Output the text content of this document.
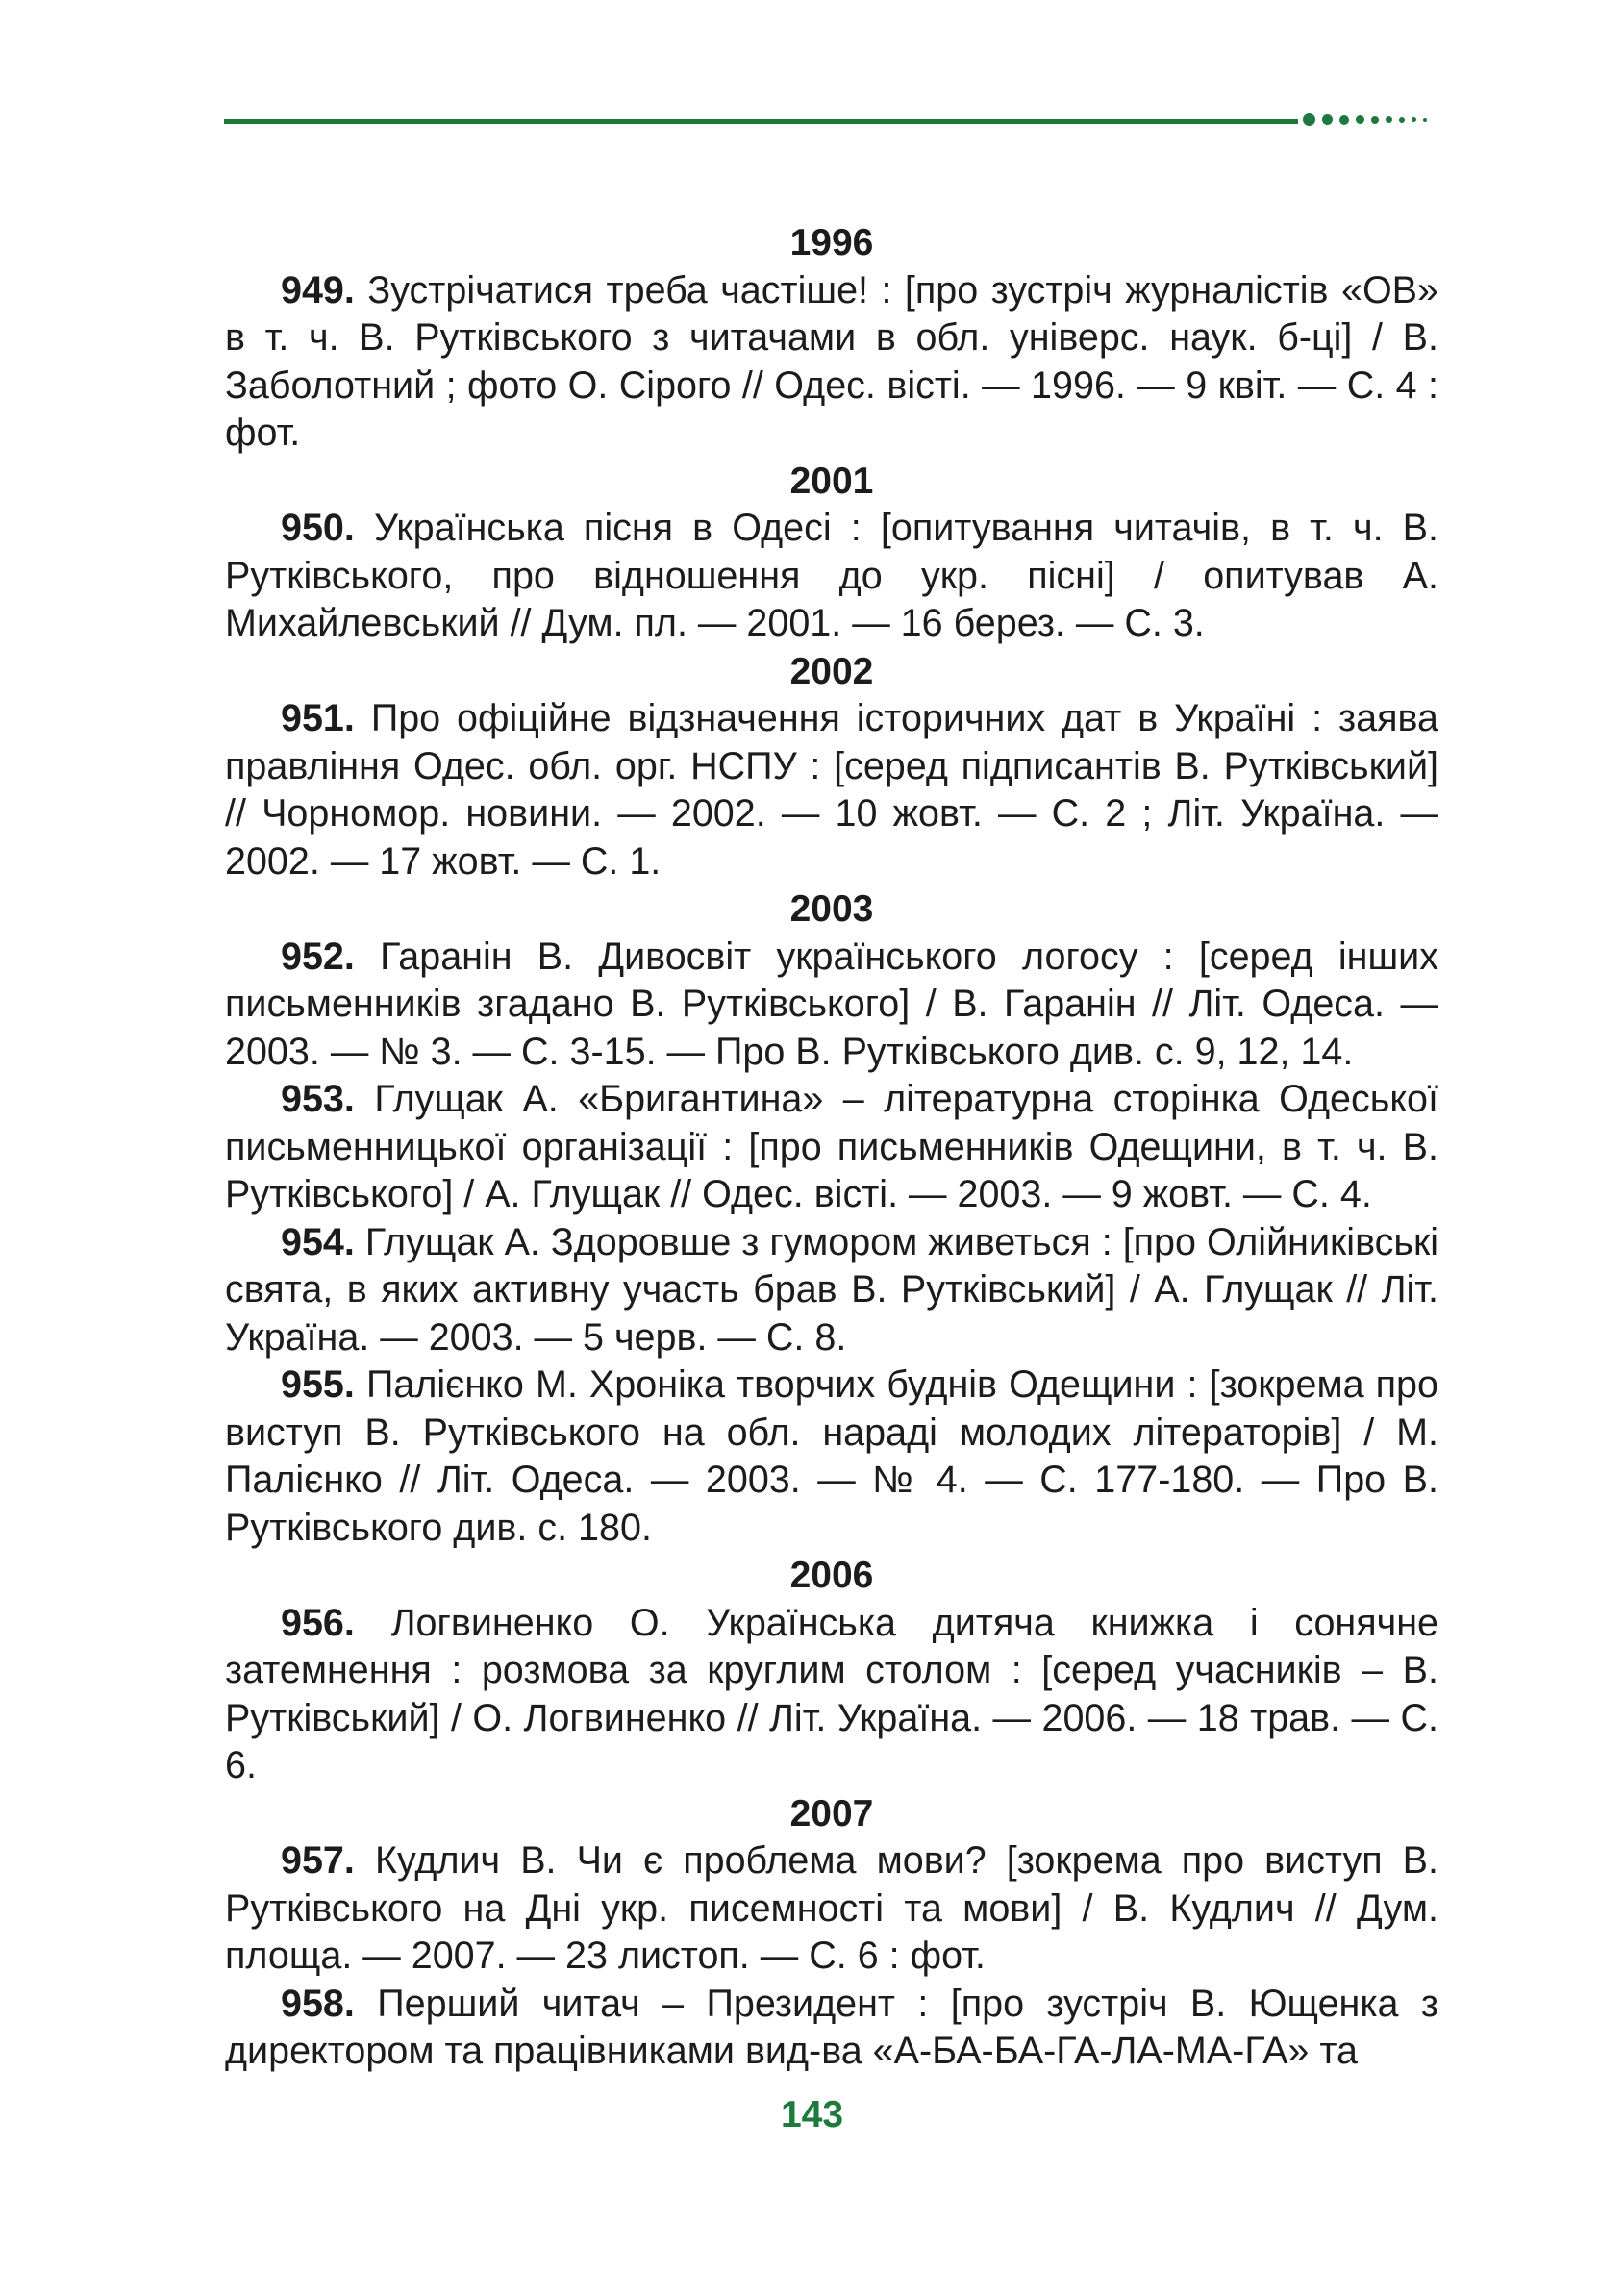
1996
949. Зустрічатися треба частіше! : [про зустріч журналістів «ОВ» в т. ч. В. Рутківського з читачами в обл. універс. наук. б-ці] / В. Заболотний ; фото О. Сірого // Одес. вісті. — 1996. — 9 квіт. — С. 4 : фот.
2001
950. Українська пісня в Одесі : [опитування читачів, в т. ч. В. Рутківського, про відношення до укр. пісні] / опитував А. Михайлевський // Дум. пл. — 2001. — 16 берез. — С. 3.
2002
951. Про офіційне відзначення історичних дат в Україні : заява правління Одес. обл. орг. НСПУ : [серед підписантів В. Рутківський] // Чорномор. новини. — 2002. — 10 жовт. — С. 2 ; Літ. Україна. — 2002. — 17 жовт. — С. 1.
2003
952. Гаранін В. Дивосвіт українського логосу : [серед інших письменників згадано В. Рутківського] / В. Гаранін // Літ. Одеса. — 2003. — № 3. — С. 3-15. — Про В. Рутківського див. с. 9, 12, 14.
953. Глущак А. «Бригантина» – літературна сторінка Одеської письменницької організації : [про письменників Одещини, в т. ч. В. Рутківського] / А. Глущак // Одес. вісті. — 2003. — 9 жовт. — С. 4.
954. Глущак А. Здоровше з гумором живеться : [про Олійниківські свята, в яких активну участь брав В. Рутківський] / А. Глущак // Літ. Україна. — 2003. — 5 черв. — С. 8.
955. Палієнко М. Хроніка творчих буднів Одещини : [зокрема про виступ В. Рутківського на обл. нараді молодих літераторів] / М. Палієнко // Літ. Одеса. — 2003. — № 4. — С. 177-180. — Про В. Рутківського див. с. 180.
2006
956. Логвиненко О. Українська дитяча книжка і сонячне затемнення : розмова за круглим столом : [серед учасників – В. Рутківський] / О. Логвиненко // Літ. Україна. — 2006. — 18 трав. — С. 6.
2007
957. Кудлич В. Чи є проблема мови? [зокрема про виступ В. Рутківського на Дні укр. писемності та мови] / В. Кудлич // Дум. площа. — 2007. — 23 листоп. — С. 6 : фот.
958. Перший читач – Президент : [про зустріч В. Ющенка з директором та працівниками вид-ва «А-БА-БА-ГА-ЛА-МА-ГА» та
143
